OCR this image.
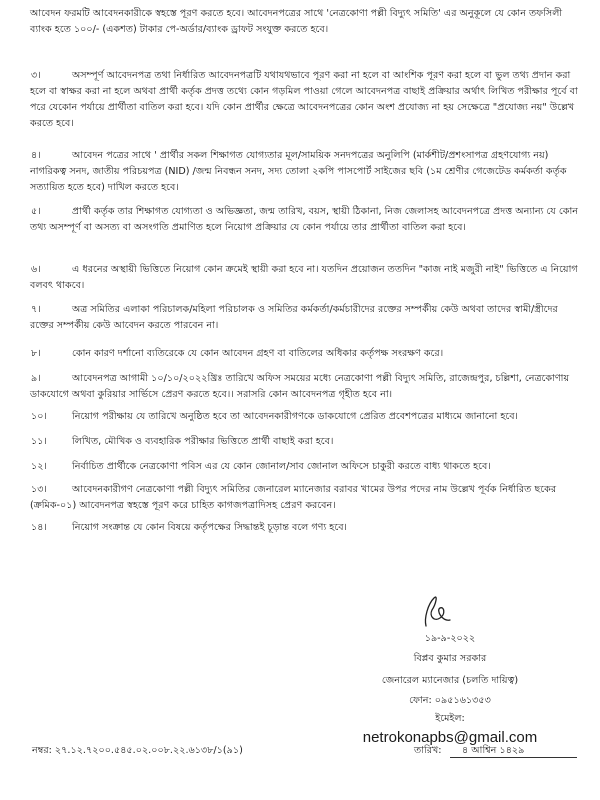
আবেদন ফরমটি আবেদনকারীকে স্বহস্তে পূরণ করতে হবে। আবেদনপত্রের সাথে 'নেত্রকোণা পল্লী বিদ্যুৎ সমিতি' এর অনুকূলে যে কোন তফসিলী ব্যাংক হতে ১০০/- (একশত) টাকার পে-অর্ডার/ব্যাংক ড্রাফট সংযুক্ত করতে হবে।
৩।	অসম্পূর্ণ আবেদনপত্র তথা নির্ধারিত আবেদনপত্রটি যথাযথভাবে পূরণ করা না হলে বা আংশিক পূরণ করা হলে বা ভুল তথ্য প্রদান করা হলে বা স্বাক্ষর করা না হলে অথবা প্রার্থী কর্তৃক প্রদত্ত তথ্যে কোন গড়মিল পাওয়া গেলে আবেদনপত্র বাছাই প্রক্রিয়ার অর্থাৎ লিখিত পরীক্ষার পূর্বে বা পরে যেকোন পর্যায়ে প্রার্থীতা বাতিল করা হবে। যদি কোন প্রার্থীর ক্ষেত্রে আবেদনপত্রের কোন অংশ প্রযোজ্য না হয় সেক্ষেত্রে "প্রযোজ্য নয়" উল্লেখ করতে হবে।
৪।	আবেদন পত্রের সাথে ' প্রার্থীর সকল শিক্ষাগত যোগ্যতার মূল/সাময়িক সনদপত্রের অনুলিপি (মার্কশীট/প্রশংসাপত্র গ্রহণযোগ্য নয়) নাগরিকত্ব সনদ, জাতীয় পরিচয়পত্র (NID) /জন্ম নিবন্ধন সনদ, সদ্য তোলা ২কপি পাসপোর্ট সাইজের ছবি (১ম শ্রেণীর গেজেটেড কর্মকর্তা কর্তৃক সত্যায়িত হতে হবে) দাখিল করতে হবে।
৫।	প্রার্থী কর্তৃক তার শিক্ষাগত যোগ্যতা ও অভিজ্ঞতা, জন্ম তারিখ, বয়স, স্থায়ী ঠিকানা, নিজ জেলাসহ আবেদনপত্রে প্রদত্ত অন্যান্য যে কোন তথ্য অসম্পূর্ণ বা অসত্য বা অসংগতি প্রমাণিত হলে নিয়োগ প্রক্রিয়ার যে কোন পর্যায়ে তার প্রার্থীতা বাতিল করা হবে।
৬।	এ ধরনের অস্থায়ী ভিত্তিতে নিয়োগ কোন ক্রমেই স্থায়ী করা হবে না। যতদিন প্রয়োজন ততদিন "কাজ নাই মজুরী নাই" ভিত্তিতে এ নিয়োগ বলবৎ থাকবে।
৭।	অত্র সমিতির এলাকা পরিচালক/মহিলা পরিচালক ও সমিতির কর্মকর্তা/কর্মচারীদের রক্তের সম্পর্কীয় কেউ অথবা তাদের স্বামী/স্ত্রীদের রক্তের সম্পর্কীয় কেউ আবেদন করতে পারবেন না।
৮।	কোন কারণ দর্শানো ব্যতিরেকে যে কোন আবেদন গ্রহণ বা বাতিলের অধিকার কর্তৃপক্ষ সংরক্ষণ করে।
৯।	আবেদনপত্র আগামী ১০/১০/২০২২খ্রিঃ তারিখে অফিস সময়ের মধ্যে নেত্রকোণা পল্লী বিদ্যুৎ সমিতি, রাজেন্দ্রপুর, চল্লিশা, নেত্রকোণায় ডাকযোগে অথবা কুরিয়ার সার্ভিসে প্রেরণ করতে হবে।। সরাসরি কোন আবেদনপত্র গৃহীত হবে না।
১০।	নিয়োগ পরীক্ষায় যে তারিখে অনুষ্ঠিত হবে তা আবেদনকারীগণকে ডাকযোগে প্রেরিত প্রবেশপত্রের মাধ্যমে জানানো হবে।
১১।	লিখিত, মৌখিক ও ব্যবহারিক পরীক্ষার ভিত্তিতে প্রার্থী বাছাই করা হবে।
১২।	নির্বাচিত প্রার্থীকে নেত্রকোণা পবিস এর যে কোন জোনাল/সাব জোনাল অফিসে চাকুরী করতে বাধ্য থাকতে হবে।
১৩।	আবেদনকারীগণ নেত্রকোণা পল্লী বিদ্যুৎ সমিতির জেনারেল ম্যানেজার বরাবর খামের উপর পদের নাম উল্লেখ পূর্বক নির্ধারিত ছকের (ক্রমিক-০১) আবেদনপত্র স্বহস্তে পূরণ করে চাহিত কাগজপত্রাদিসহ প্রেরণ করবেন।
১৪।	নিয়োগ সংক্রান্ত যে কোন বিষয়ে কর্তৃপক্ষের সিদ্ধান্তই চূড়ান্ত বলে গণ্য হবে।
১৯-৯-২০২২
বিপ্লব কুমার সরকার
জেনারেল ম্যানেজার (চলতি দায়িত্ব)
ফোন: ০৯৫১৬১৩৫৩
ইমেইল:
netrokonapbs@gmail.com
নম্বর: ২৭.১২.৭২০০.৫৪৫.০২.০০৮.২২.৬১৩৮/১(৯১)	তারিখ: ৪ আশ্বিন ১৪২৯
